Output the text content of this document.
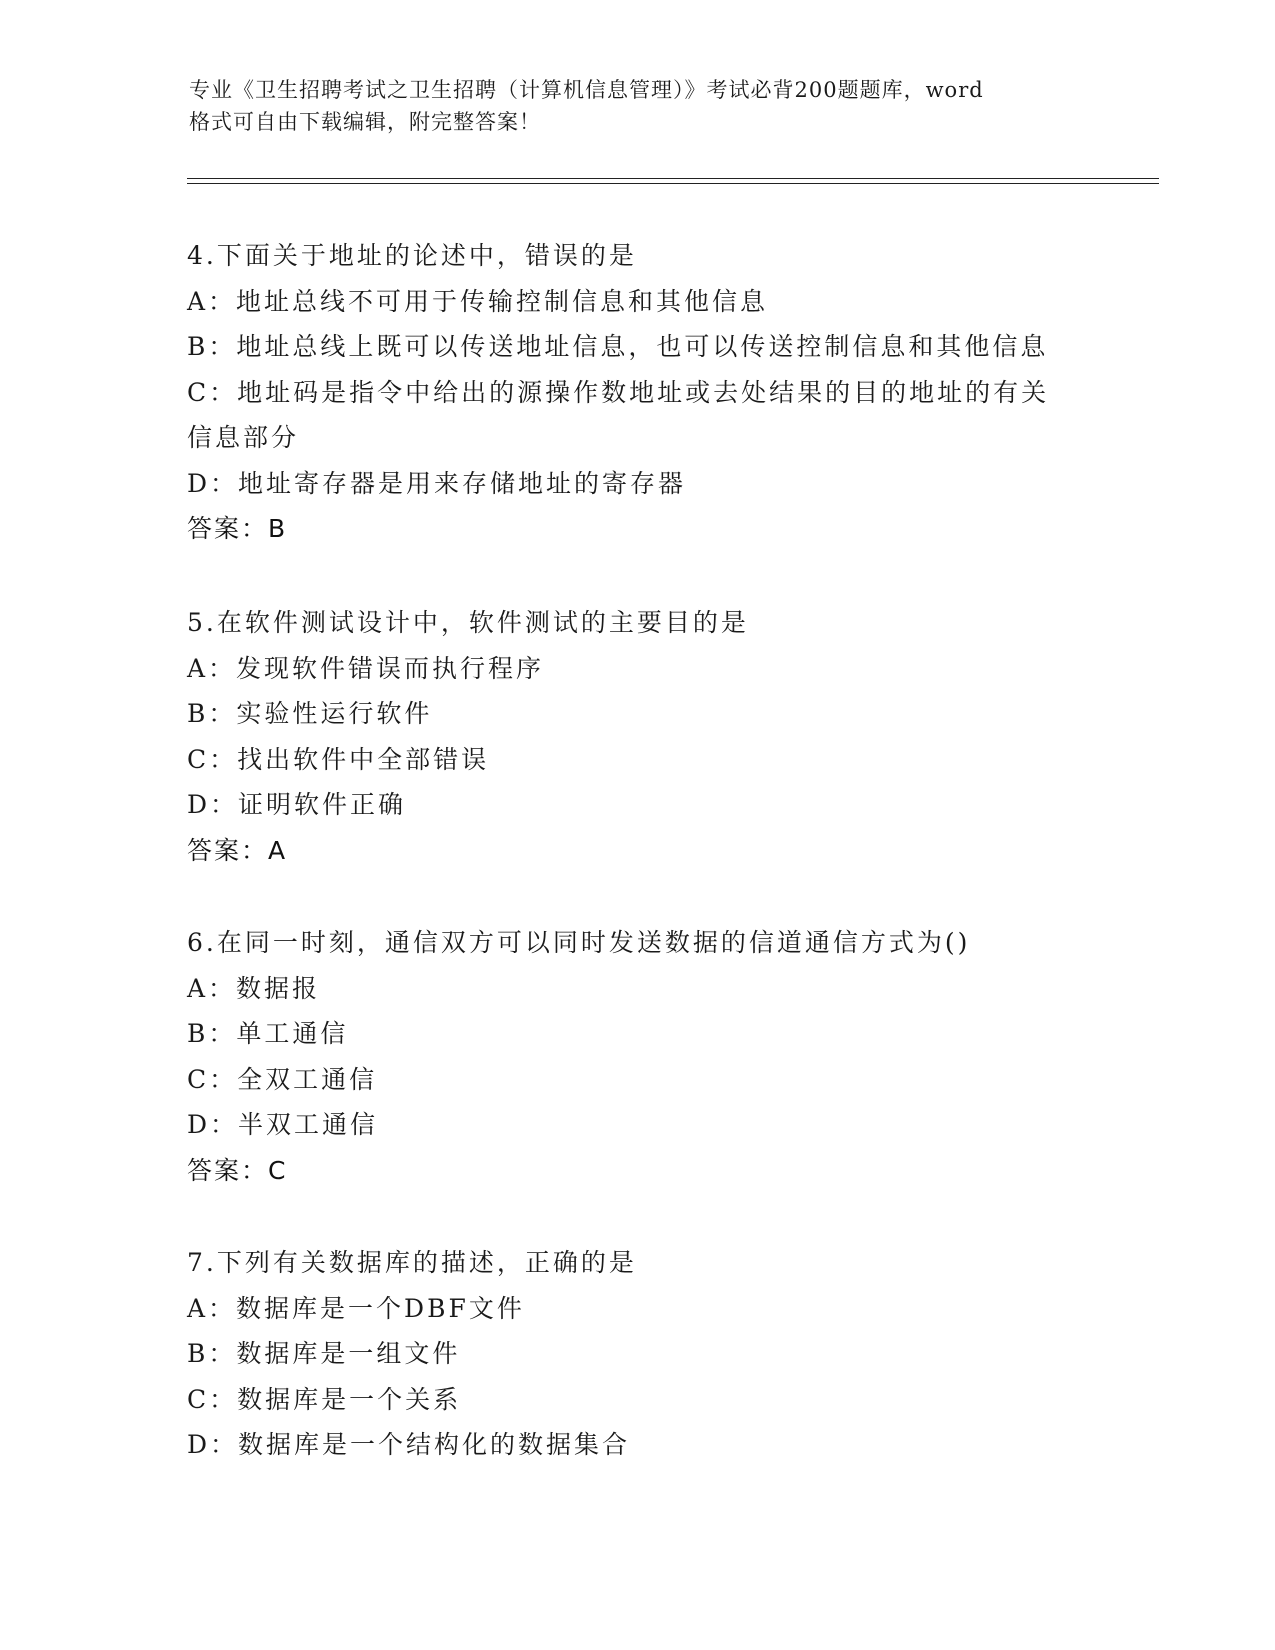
专业《卫生招聘考试之卫生招聘（计算机信息管理）》考试必背200题题库，word
格式可自由下载编辑，附完整答案！
4.下面关于地址的论述中，错误的是
A：地址总线不可用于传输控制信息和其他信息
B：地址总线上既可以传送地址信息，也可以传送控制信息和其他信息
C：地址码是指令中给出的源操作数地址或去处结果的目的地址的有关
信息部分
D：地址寄存器是用来存储地址的寄存器
答案：B
5.在软件测试设计中，软件测试的主要目的是
A：发现软件错误而执行程序
B：实验性运行软件
C：找出软件中全部错误
D：证明软件正确
答案：A
6.在同一时刻，通信双方可以同时发送数据的信道通信方式为()
A：数据报
B：单工通信
C：全双工通信
D：半双工通信
答案：C
7.下列有关数据库的描述，正确的是
A：数据库是一个DBF文件
B：数据库是一组文件
C：数据库是一个关系
D：数据库是一个结构化的数据集合
